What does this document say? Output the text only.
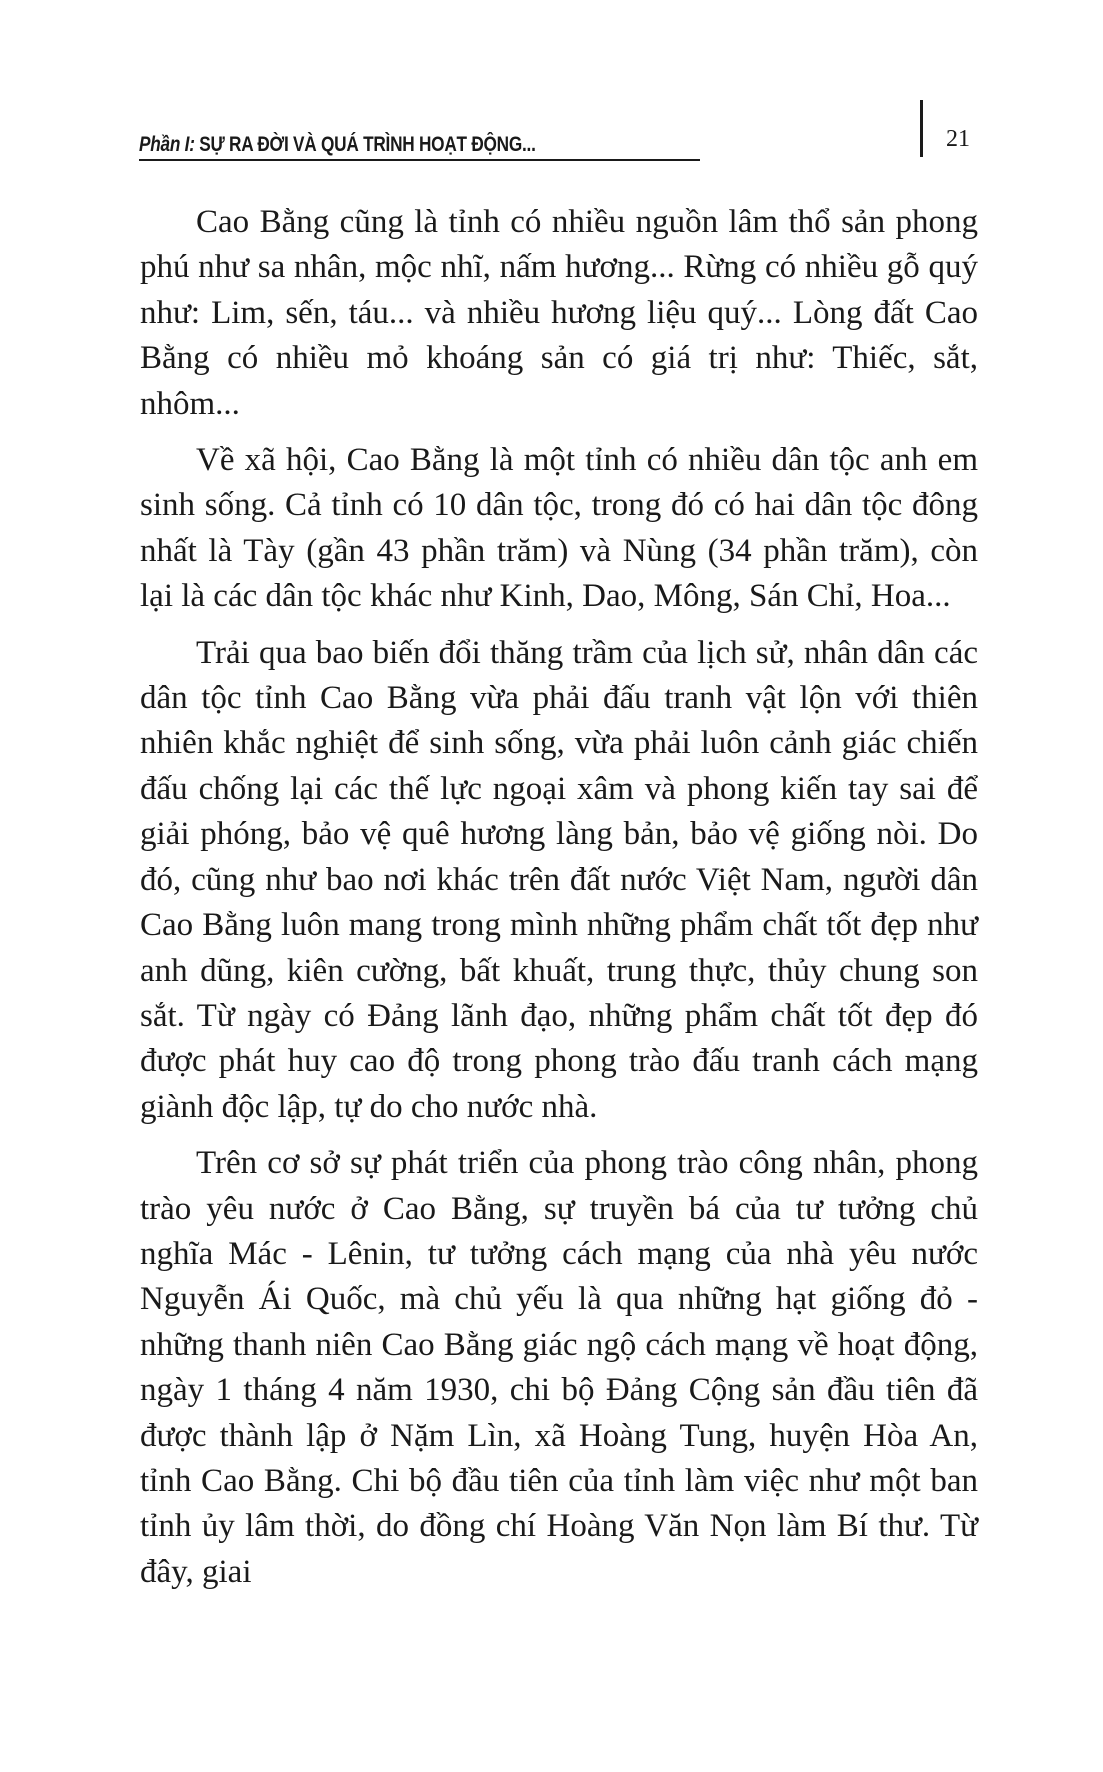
Phần I: SỰ RA ĐỜI VÀ QUÁ TRÌNH HOẠT ĐỘNG...	21

Cao Bằng cũng là tỉnh có nhiều nguồn lâm thổ sản phong phú như sa nhân, mộc nhĩ, nấm hương... Rừng có nhiều gỗ quý như: Lim, sến, táu... và nhiều hương liệu quý... Lòng đất Cao Bằng có nhiều mỏ khoáng sản có giá trị như: Thiếc, sắt, nhôm...

Về xã hội, Cao Bằng là một tỉnh có nhiều dân tộc anh em sinh sống. Cả tỉnh có 10 dân tộc, trong đó có hai dân tộc đông nhất là Tày (gần 43 phần trăm) và Nùng (34 phần trăm), còn lại là các dân tộc khác như Kinh, Dao, Mông, Sán Chỉ, Hoa...

Trải qua bao biến đổi thăng trầm của lịch sử, nhân dân các dân tộc tỉnh Cao Bằng vừa phải đấu tranh vật lộn với thiên nhiên khắc nghiệt để sinh sống, vừa phải luôn cảnh giác chiến đấu chống lại các thế lực ngoại xâm và phong kiến tay sai để giải phóng, bảo vệ quê hương làng bản, bảo vệ giống nòi. Do đó, cũng như bao nơi khác trên đất nước Việt Nam, người dân Cao Bằng luôn mang trong mình những phẩm chất tốt đẹp như anh dũng, kiên cường, bất khuất, trung thực, thủy chung son sắt. Từ ngày có Đảng lãnh đạo, những phẩm chất tốt đẹp đó được phát huy cao độ trong phong trào đấu tranh cách mạng giành độc lập, tự do cho nước nhà.

Trên cơ sở sự phát triển của phong trào công nhân, phong trào yêu nước ở Cao Bằng, sự truyền bá của tư tưởng chủ nghĩa Mác - Lênin, tư tưởng cách mạng của nhà yêu nước Nguyễn Ái Quốc, mà chủ yếu là qua những hạt giống đỏ - những thanh niên Cao Bằng giác ngộ cách mạng về hoạt động, ngày 1 tháng 4 năm 1930, chi bộ Đảng Cộng sản đầu tiên đã được thành lập ở Nặm Lìn, xã Hoàng Tung, huyện Hòa An, tỉnh Cao Bằng. Chi bộ đầu tiên của tỉnh làm việc như một ban tỉnh ủy lâm thời, do đồng chí Hoàng Văn Nọn làm Bí thư. Từ đây, giai
